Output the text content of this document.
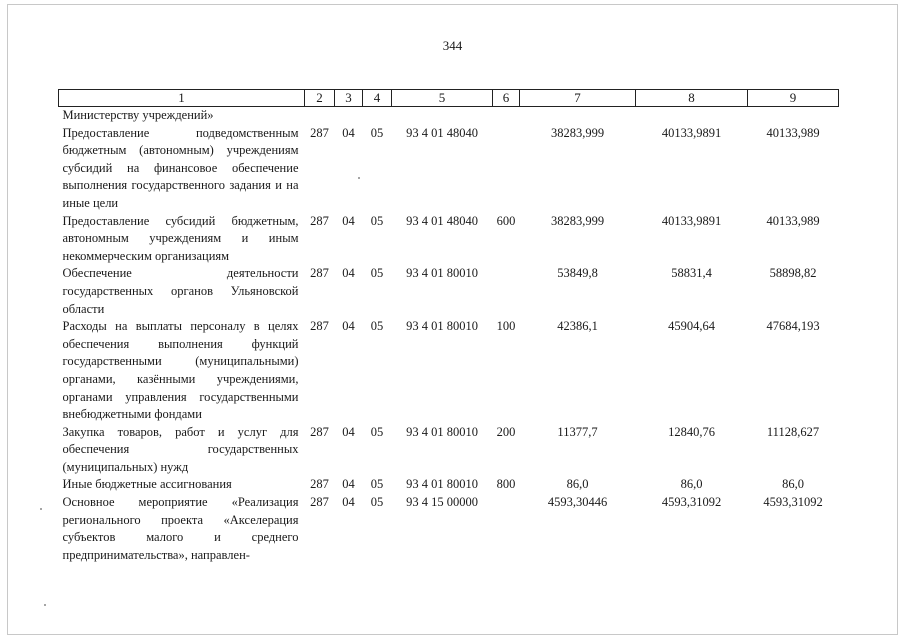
344
1	2	3	4	5	6	7	8	9
Министерству учреждений»								
Предоставление подведомственным бюджетным (автономным) учреждениям субсидий на финансовое обеспечение выполнения государственного задания и на иные цели	287	04	05	93 4 01 48040		38283,999	40133,9891	40133,989
Предоставление субсидий бюджетным, автономным учреждениям и иным некоммерческим организациям	287	04	05	93 4 01 48040	600	38283,999	40133,9891	40133,989
Обеспечение деятельности государственных органов Ульяновской области	287	04	05	93 4 01 80010		53849,8	58831,4	58898,82
Расходы на выплаты персоналу в целях обеспечения выполнения функций государственными (муниципальными) органами, казёнными учреждениями, органами управления государственными внебюджетными фондами	287	04	05	93 4 01 80010	100	42386,1	45904,64	47684,193
Закупка товаров, работ и услуг для обеспечения государственных (муниципальных) нужд	287	04	05	93 4 01 80010	200	11377,7	12840,76	11128,627
Иные бюджетные ассигнования	287	04	05	93 4 01 80010	800	86,0	86,0	86,0
Основное мероприятие «Реализация регионального проекта «Акселерация субъектов малого и среднего предпринимательства», направлен-	287	04	05	93 4 15 00000		4593,30446	4593,31092	4593,31092
